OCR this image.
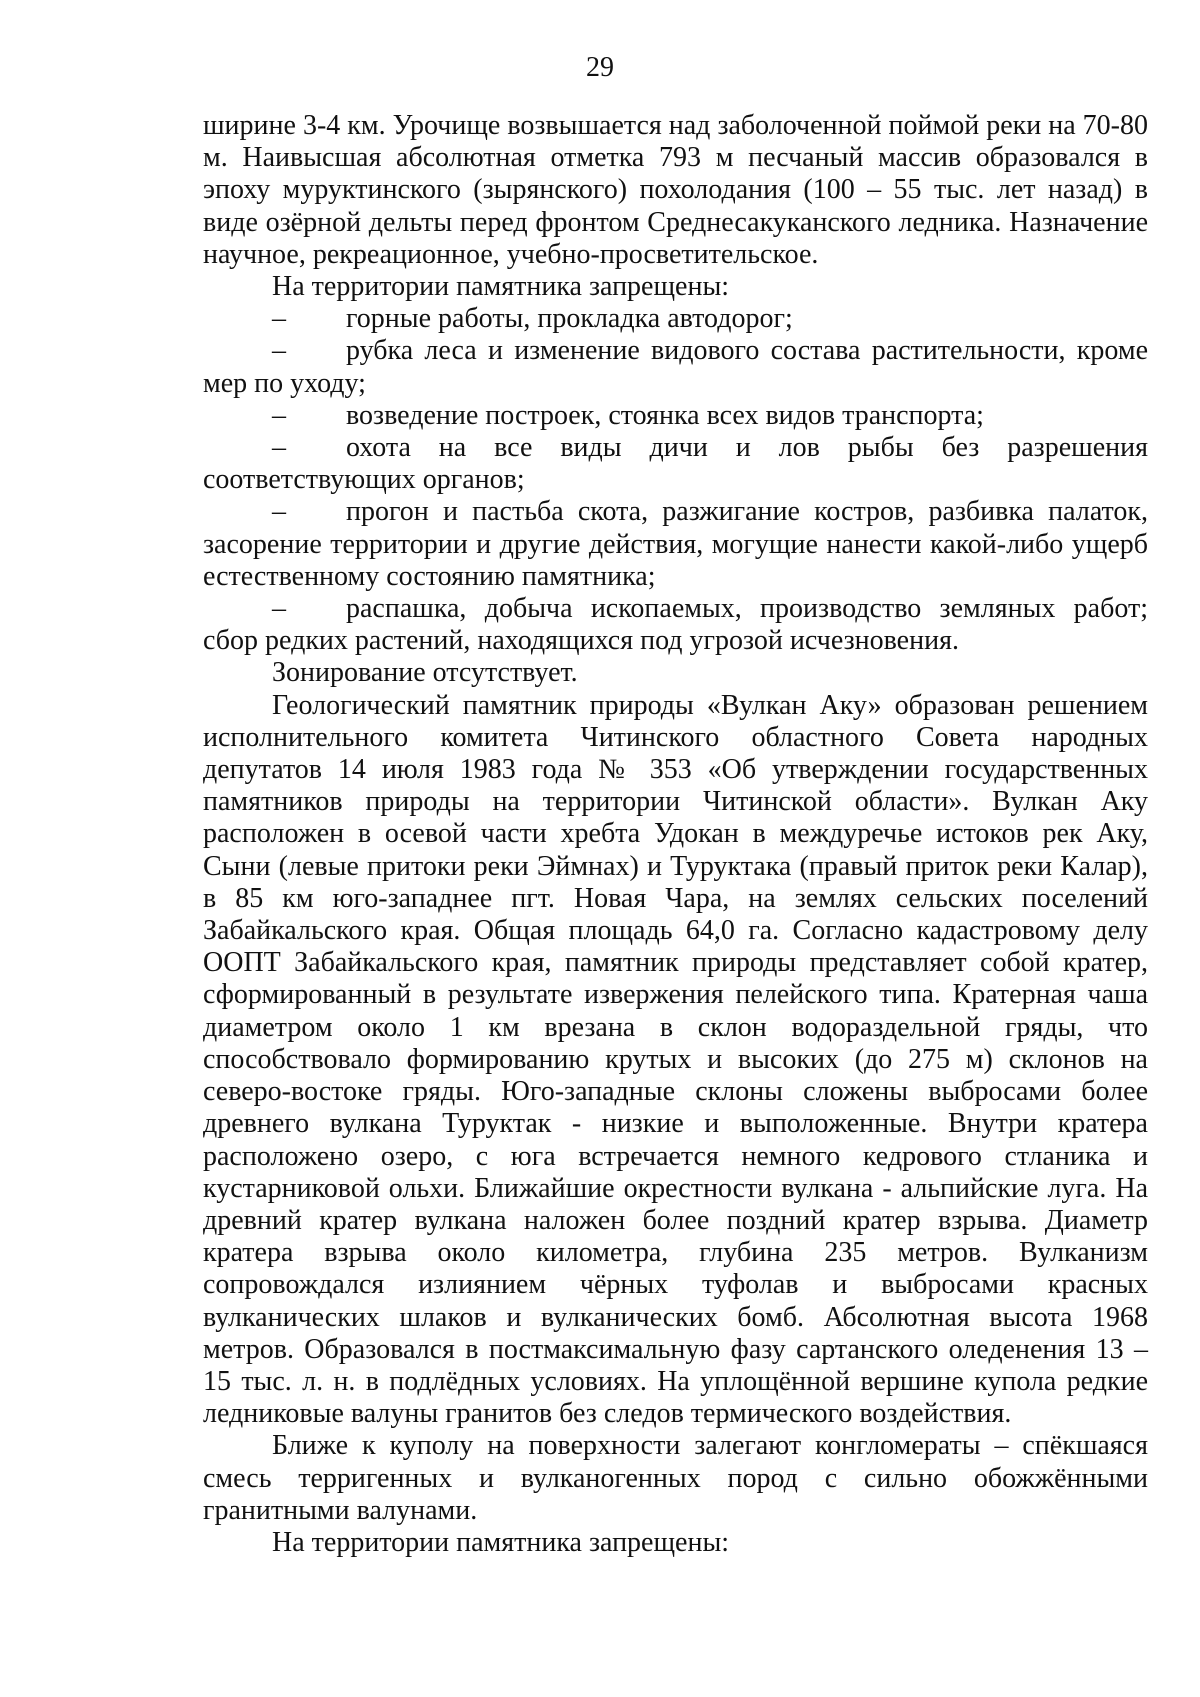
29

ширине 3-4 км. Урочище возвышается над заболоченной поймой реки на 70-80 м. Наивысшая абсолютная отметка 793 м песчаный массив образовался в эпоху муруктинского (зырянского) похолодания (100 – 55 тыс. лет назад) в виде озёрной дельты перед фронтом Среднесакуканского ледника. Назначение научное, рекреационное, учебно-просветительское.

На территории памятника запрещены:

– горные работы, прокладка автодорог;

– рубка леса и изменение видового состава растительности, кроме мер по уходу;

– возведение построек, стоянка всех видов транспорта;

– охота на все виды дичи и лов рыбы без разрешения соответствующих органов;

– прогон и пастьба скота, разжигание костров, разбивка палаток, засорение территории и другие действия, могущие нанести какой-либо ущерб естественному состоянию памятника;

– распашка, добыча ископаемых, производство земляных работ; сбор редких растений, находящихся под угрозой исчезновения.

Зонирование отсутствует.

Геологический памятник природы «Вулкан Аку» образован решением исполнительного комитета Читинского областного Совета народных депутатов 14 июля 1983 года № 353 «Об утверждении государственных памятников природы на территории Читинской области». Вулкан Аку расположен в осевой части хребта Удокан в междуречье истоков рек Аку, Сыни (левые притоки реки Эймнах) и Туруктака (правый приток реки Калар), в 85 км юго-западнее пгт. Новая Чара, на землях сельских поселений Забайкальского края. Общая площадь 64,0 га. Согласно кадастровому делу ООПТ Забайкальского края, памятник природы представляет собой кратер, сформированный в результате извержения пелейского типа. Кратерная чаша диаметром около 1 км врезана в склон водораздельной гряды, что способствовало формированию крутых и высоких (до 275 м) склонов на северо-востоке гряды. Юго-западные склоны сложены выбросами более древнего вулкана Туруктак - низкие и выположенные. Внутри кратера расположено озеро, с юга встречается немного кедрового стланика и кустарниковой ольхи. Ближайшие окрестности вулкана - альпийские луга. На древний кратер вулкана наложен более поздний кратер взрыва. Диаметр кратера взрыва около километра, глубина 235 метров. Вулканизм сопровождался излиянием чёрных туфолав и выбросами красных вулканических шлаков и вулканических бомб. Абсолютная высота 1968 метров. Образовался в постмаксимальную фазу сартанского оледенения 13 – 15 тыс. л. н. в подлёдных условиях. На уплощённой вершине купола редкие ледниковые валуны гранитов без следов термического воздействия.

Ближе к куполу на поверхности залегают конгломераты – спёкшаяся смесь терригенных и вулканогенных пород с сильно обожжёнными гранитными валунами.

На территории памятника запрещены:
